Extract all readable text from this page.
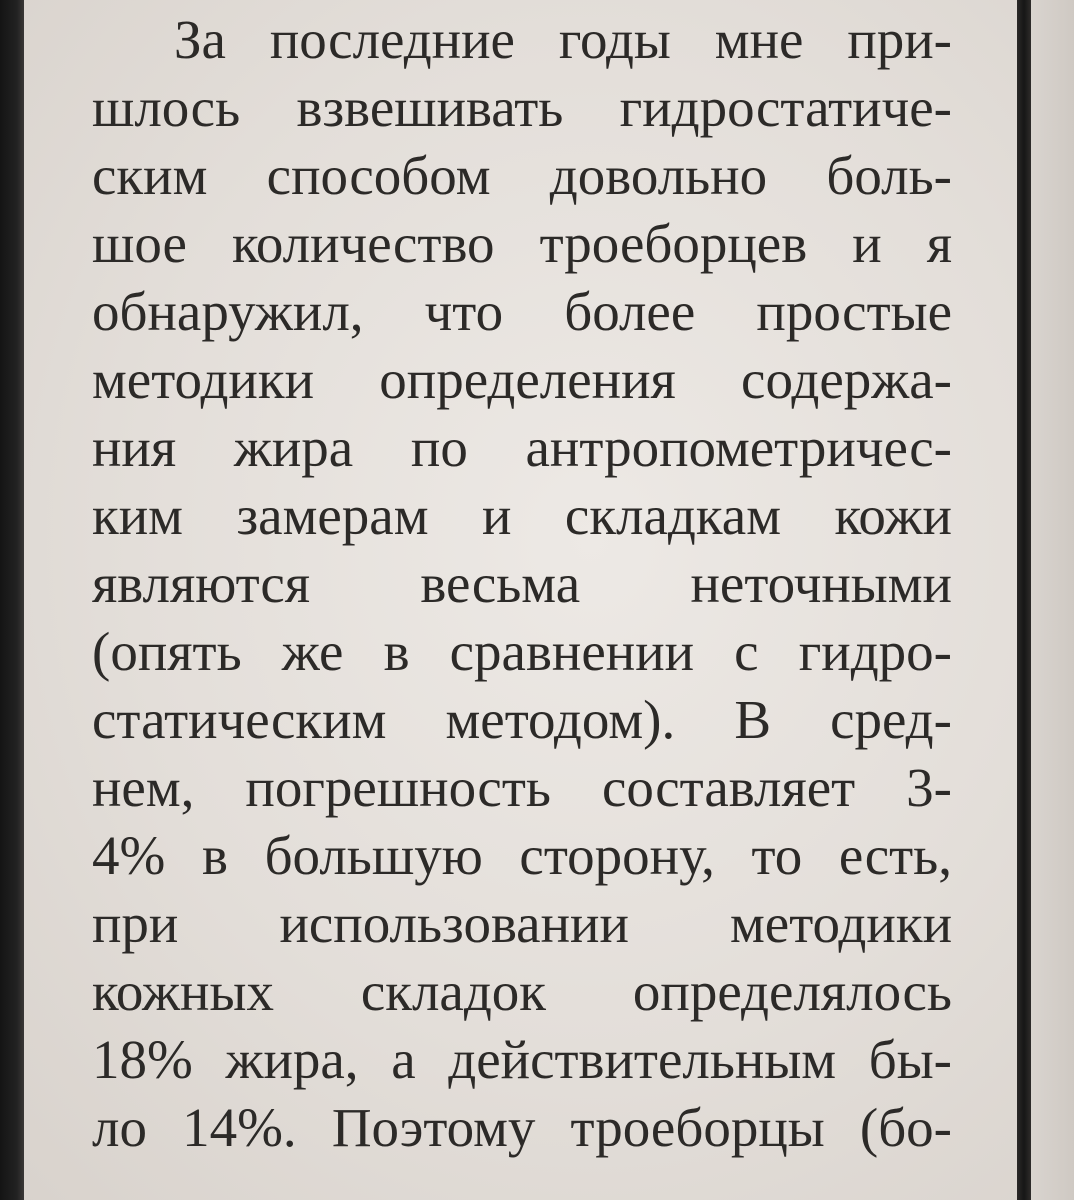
За последние годы мне при-
шлось взвешивать гидростатиче-
ским способом довольно боль-
шое количество троеборцев и я
обнаружил, что более простые
методики определения содержа-
ния жира по антропометричес-
ким замерам и складкам кожи
являются весьма неточными
(опять же в сравнении с гидро-
статическим методом). В сред-
нем, погрешность составляет 3-
4% в большую сторону, то есть,
при использовании методики
кожных складок определялось
18% жира, а действительным бы-
ло 14%. Поэтому троеборцы (бо-
